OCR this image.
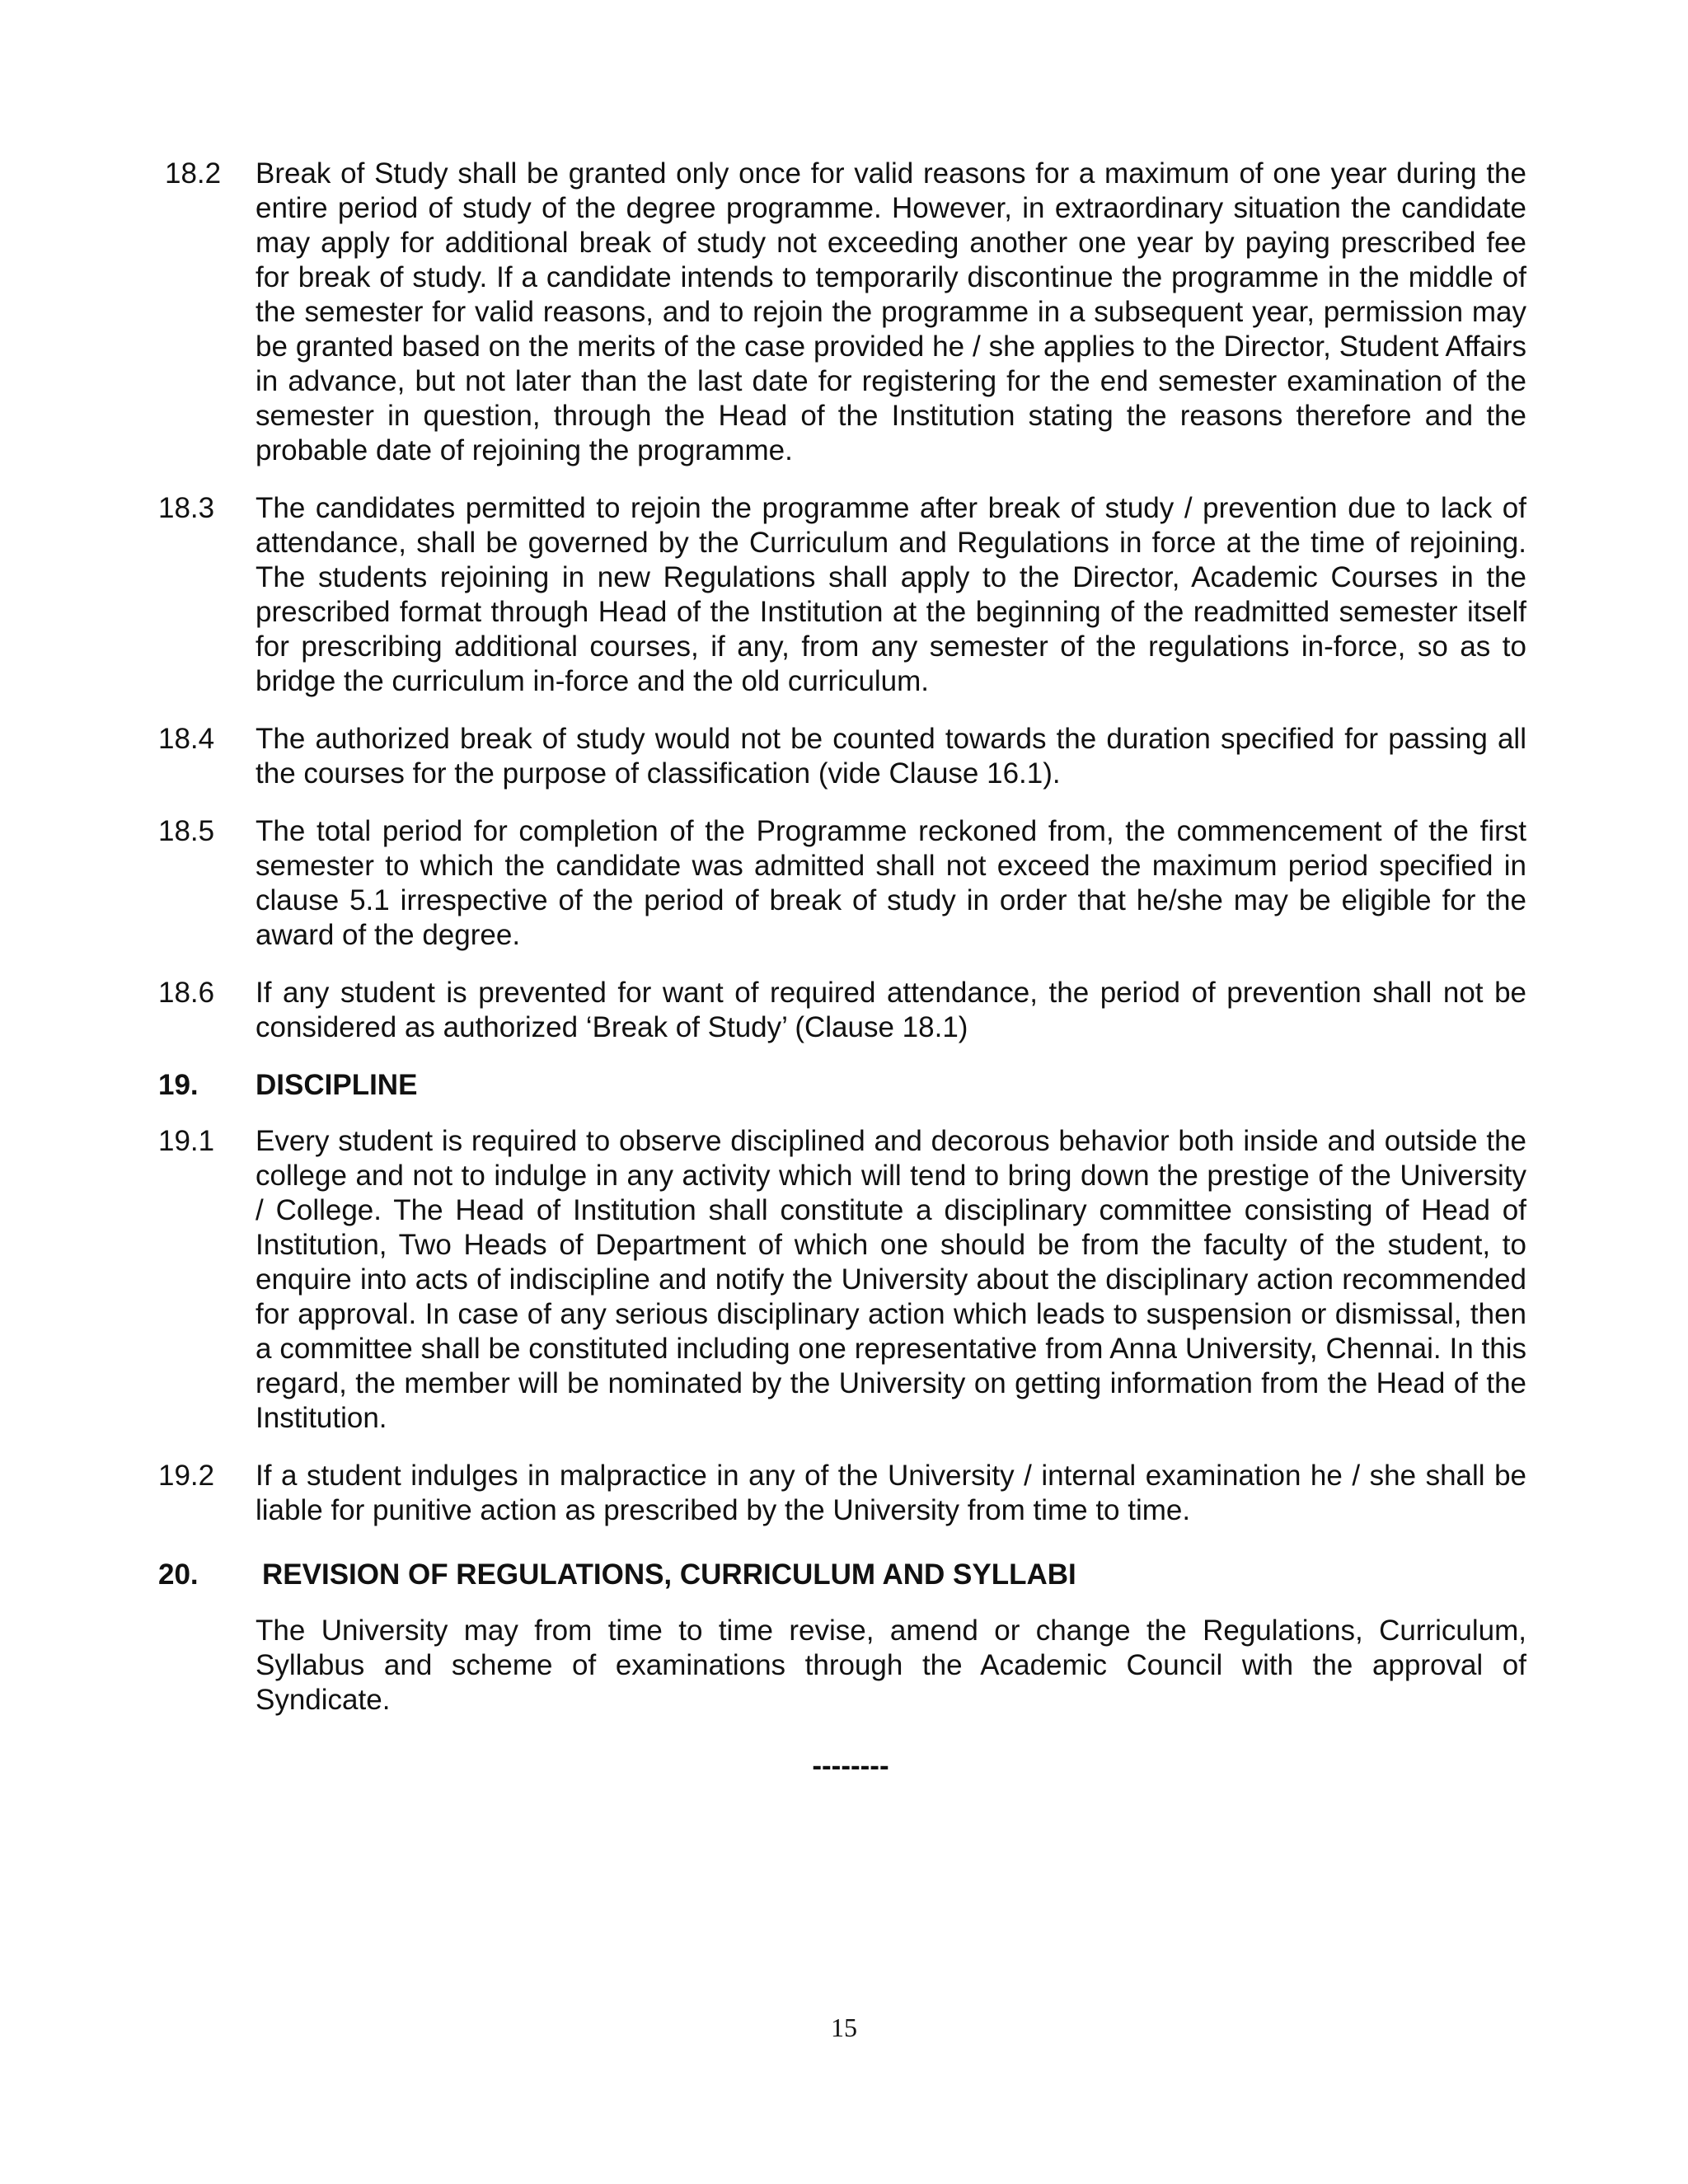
18.2 Break of Study shall be granted only once for valid reasons for a maximum of one year during the entire period of study of the degree programme. However, in extraordinary situation the candidate may apply for additional break of study not exceeding another one year by paying prescribed fee for break of study. If a candidate intends to temporarily discontinue the programme in the middle of the semester for valid reasons, and to rejoin the programme in a subsequent year, permission may be granted based on the merits of the case provided he / she applies to the Director, Student Affairs in advance, but not later than the last date for registering for the end semester examination of the semester in question, through the Head of the Institution stating the reasons therefore and the probable date of rejoining the programme.
18.3 The candidates permitted to rejoin the programme after break of study / prevention due to lack of attendance, shall be governed by the Curriculum and Regulations in force at the time of rejoining. The students rejoining in new Regulations shall apply to the Director, Academic Courses in the prescribed format through Head of the Institution at the beginning of the readmitted semester itself for prescribing additional courses, if any, from any semester of the regulations in-force, so as to bridge the curriculum in-force and the old curriculum.
18.4 The authorized break of study would not be counted towards the duration specified for passing all the courses for the purpose of classification (vide Clause 16.1).
18.5 The total period for completion of the Programme reckoned from, the commencement of the first semester to which the candidate was admitted shall not exceed the maximum period specified in clause 5.1 irrespective of the period of break of study in order that he/she may be eligible for the award of the degree.
18.6 If any student is prevented for want of required attendance, the period of prevention shall not be considered as authorized ‘Break of Study’ (Clause 18.1)
19. DISCIPLINE
19.1 Every student is required to observe disciplined and decorous behavior both inside and outside the college and not to indulge in any activity which will tend to bring down the prestige of the University / College. The Head of Institution shall constitute a disciplinary committee consisting of Head of Institution, Two Heads of Department of which one should be from the faculty of the student, to enquire into acts of indiscipline and notify the University about the disciplinary action recommended for approval. In case of any serious disciplinary action which leads to suspension or dismissal, then a committee shall be constituted including one representative from Anna University, Chennai. In this regard, the member will be nominated by the University on getting information from the Head of the Institution.
19.2 If a student indulges in malpractice in any of the University / internal examination he / she shall be liable for punitive action as prescribed by the University from time to time.
20. REVISION OF REGULATIONS, CURRICULUM AND SYLLABI
The University may from time to time revise, amend or change the Regulations, Curriculum, Syllabus and scheme of examinations through the Academic Council with the approval of Syndicate.
--------
15
